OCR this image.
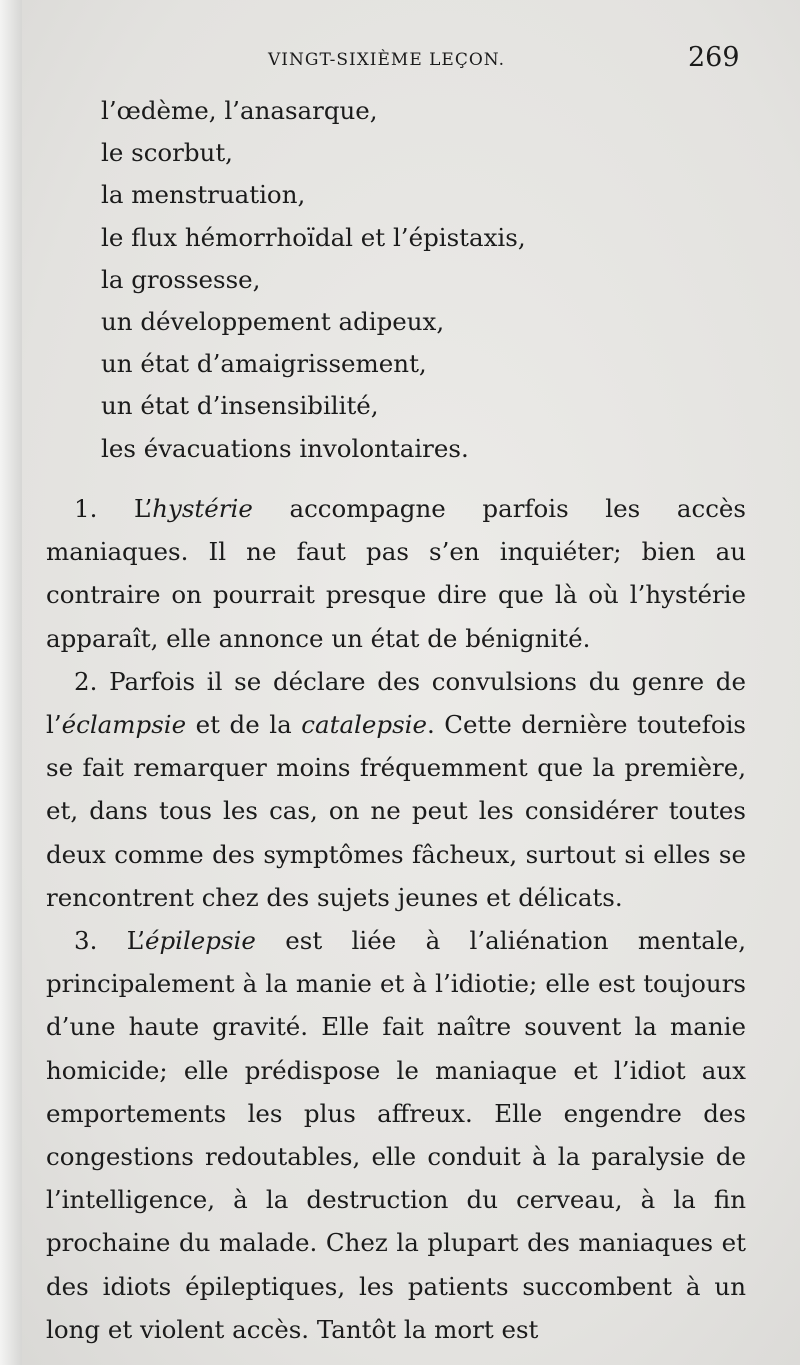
VINGT-SIXIÈME LEÇON.	269
l’œdème, l’anasarque,
le scorbut,
la menstruation,
le flux hémorrhoïdal et l’épistaxis,
la grossesse,
un développement adipeux,
un état d’amaigrissement,
un état d’insensibilité,
les évacuations involontaires.

1. L’hystérie accompagne parfois les accès maniaques. Il ne faut pas s’en inquiéter; bien au contraire on pourrait presque dire que là où l’hystérie apparaît, elle annonce un état de bénignité.

2. Parfois il se déclare des convulsions du genre de l’éclampsie et de la catalepsie. Cette dernière toutefois se fait remarquer moins fréquemment que la première, et, dans tous les cas, on ne peut les considérer toutes deux comme des symptômes fâcheux, surtout si elles se rencontrent chez des sujets jeunes et délicats.

3. L’épilepsie est liée à l’aliénation mentale, principalement à la manie et à l’idiotie; elle est toujours d’une haute gravité. Elle fait naître souvent la manie homicide; elle prédispose le maniaque et l’idiot aux emportements les plus affreux. Elle engendre des congestions redoutables, elle conduit à la paralysie de l’intelligence, à la destruction du cerveau, à la fin prochaine du malade. Chez la plupart des maniaques et des idiots épileptiques, les patients succombent à un long et violent accès. Tantôt la mort est
